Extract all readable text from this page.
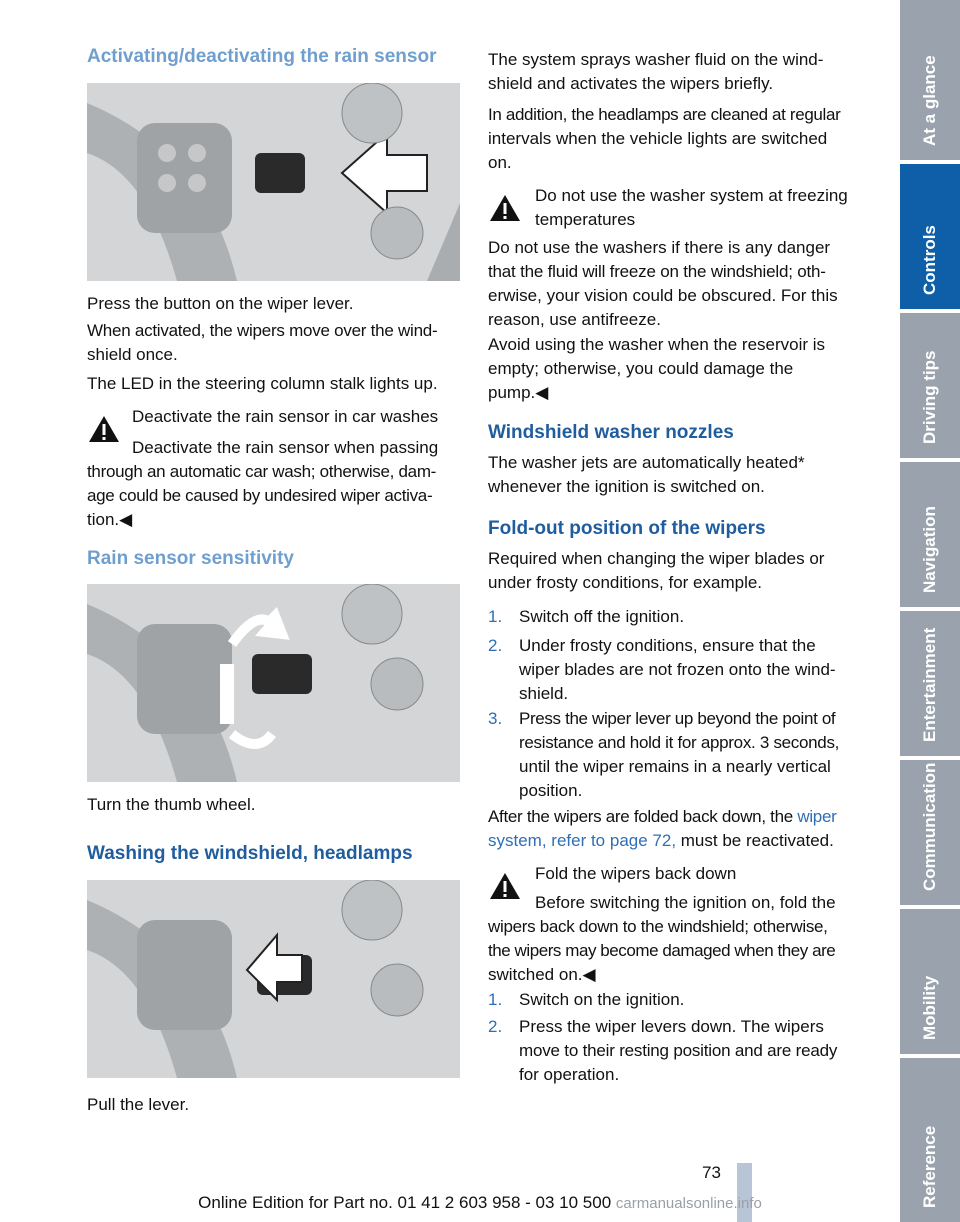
Activating/deactivating the rain sensor

Press the button on the wiper lever.

When activated, the wipers move over the wind‐

shield once.

The LED in the steering column stalk lights up.

Deactivate the rain sensor in car washes

Deactivate the rain sensor when passing

through an automatic car wash; otherwise, dam‐

age could be caused by undesired wiper activa‐

tion.◀

Rain sensor sensitivity

Turn the thumb wheel.

Washing the windshield, headlamps

Pull the lever.

The system sprays washer fluid on the wind‐

shield and activates the wipers briefly.

In addition, the headlamps are cleaned at regular

intervals when the vehicle lights are switched

on.

Do not use the washer system at freezing

temperatures

Do not use the washers if there is any danger

that the fluid will freeze on the windshield; oth‐

erwise, your vision could be obscured. For this

reason, use antifreeze.

Avoid using the washer when the reservoir is

empty; otherwise, you could damage the

pump.◀

Windshield washer nozzles

The washer jets are automatically heated*

whenever the ignition is switched on.

Fold-out position of the wipers

Required when changing the wiper blades or

under frosty conditions, for example.

1. Switch off the ignition.
2. Under frosty conditions, ensure that the
wiper blades are not frozen onto the wind‐
shield.
3. Press the wiper lever up beyond the point of
resistance and hold it for approx. 3 seconds,
until the wiper remains in a nearly vertical
position.

After the wipers are folded back down, the wiper

system, refer to page 72, must be reactivated.

Fold the wipers back down

Before switching the ignition on, fold the

wipers back down to the windshield; otherwise,

the wipers may become damaged when they are

switched on.◀

1. Switch on the ignition.
2. Press the wiper levers down. The wipers
move to their resting position and are ready
for operation.
At a glance
Controls
Driving tips
Navigation
Entertainment
Communication
Mobility
Reference
73
Online Edition for Part no. 01 41 2 603 958 - 03 10 500 carmanualsonline.info
